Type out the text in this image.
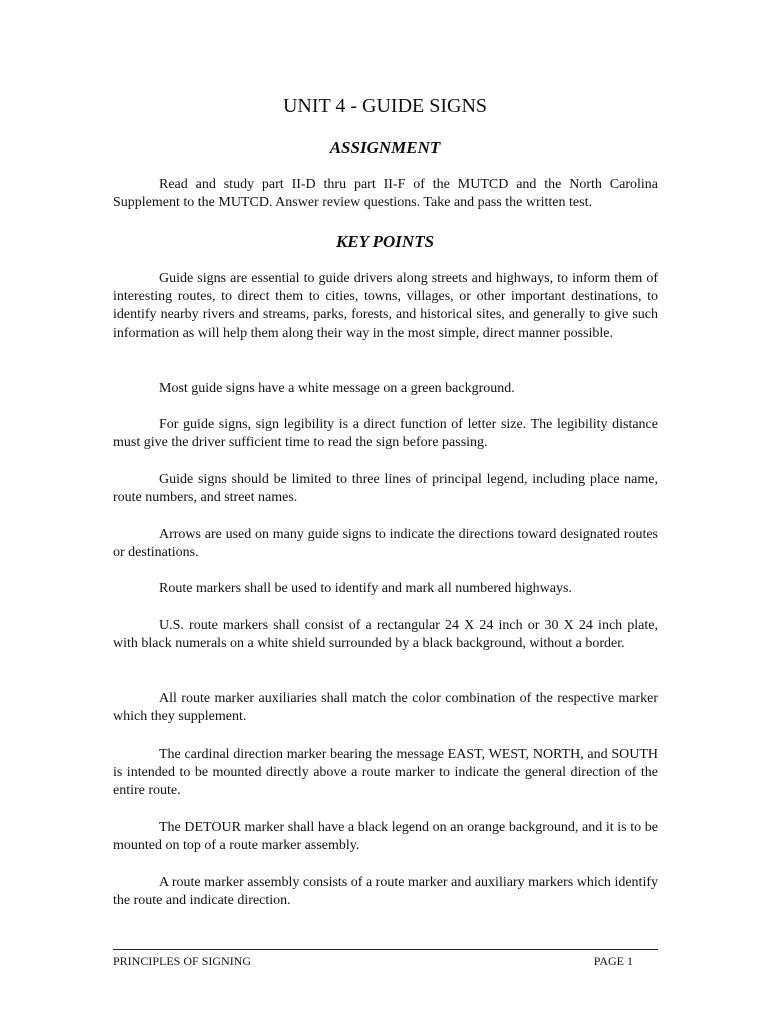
UNIT 4 - GUIDE SIGNS
ASSIGNMENT

Read and study part II-D thru part II-F of the MUTCD and the North Carolina Supplement to the MUTCD. Answer review questions. Take and pass the written test.

KEY POINTS

Guide signs are essential to guide drivers along streets and highways, to inform them of interesting routes, to direct them to cities, towns, villages, or other important destinations, to identify nearby rivers and streams, parks, forests, and historical sites, and generally to give such information as will help them along their way in the most simple, direct manner possible.

Most guide signs have a white message on a green background.

For guide signs, sign legibility is a direct function of letter size. The legibility distance must give the driver sufficient time to read the sign before passing.

Guide signs should be limited to three lines of principal legend, including place name, route numbers, and street names.

Arrows are used on many guide signs to indicate the directions toward designated routes or destinations.

Route markers shall be used to identify and mark all numbered highways.

U.S. route markers shall consist of a rectangular 24 X 24 inch or 30 X 24 inch plate, with black numerals on a white shield surrounded by a black background, without a border.

All route marker auxiliaries shall match the color combination of the respective marker which they supplement.

The cardinal direction marker bearing the message EAST, WEST, NORTH, and SOUTH is intended to be mounted directly above a route marker to indicate the general direction of the entire route.

The DETOUR marker shall have a black legend on an orange background, and it is to be mounted on top of a route marker assembly.

A route marker assembly consists of a route marker and auxiliary markers which identify the route and indicate direction.

PRINCIPLES OF SIGNING	PAGE 1
